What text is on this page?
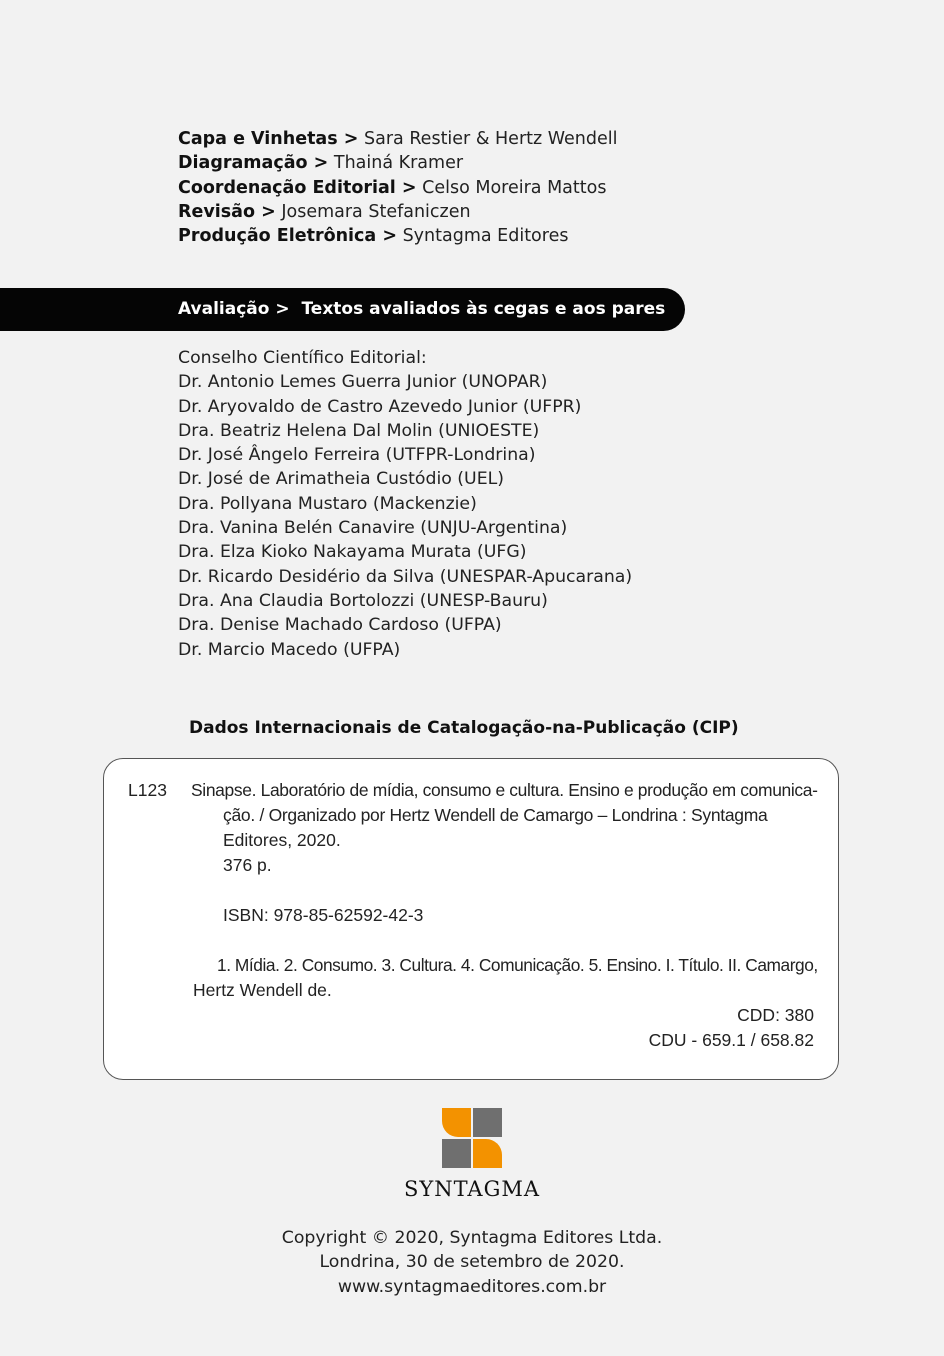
Capa e Vinhetas > Sara Restier & Hertz Wendell
Diagramação > Thainá Kramer
Coordenação Editorial > Celso Moreira Mattos
Revisão > Josemara Stefaniczen
Produção Eletrônica > Syntagma Editores
Avaliação > Textos avaliados às cegas e aos pares
Conselho Científico Editorial:
Dr. Antonio Lemes Guerra Junior (UNOPAR)
Dr. Aryovaldo de Castro Azevedo Junior (UFPR)
Dra. Beatriz Helena Dal Molin (UNIOESTE)
Dr. José Ângelo Ferreira (UTFPR-Londrina)
Dr. José de Arimatheia Custódio (UEL)
Dra. Pollyana Mustaro (Mackenzie)
Dra. Vanina Belén Canavire (UNJU-Argentina)
Dra. Elza Kioko Nakayama Murata (UFG)
Dr. Ricardo Desidério da Silva (UNESPAR-Apucarana)
Dra. Ana Claudia Bortolozzi (UNESP-Bauru)
Dra. Denise Machado Cardoso (UFPA)
Dr. Marcio Macedo (UFPA)
Dados Internacionais de Catalogação-na-Publicação (CIP)
L123 Sinapse. Laboratório de mídia, consumo e cultura. Ensino e produção em comunica-
ção. / Organizado por Hertz Wendell de Camargo – Londrina : Syntagma
Editores, 2020.
376 p.
ISBN: 978-85-62592-42-3
1. Mídia. 2. Consumo. 3. Cultura. 4. Comunicação. 5. Ensino. I. Título. II. Camargo,
Hertz Wendell de.
CDD: 380
CDU - 659.1 / 658.82
SYNTAGMA
Copyright © 2020, Syntagma Editores Ltda.
Londrina, 30 de setembro de 2020.
www.syntagmaeditores.com.br
